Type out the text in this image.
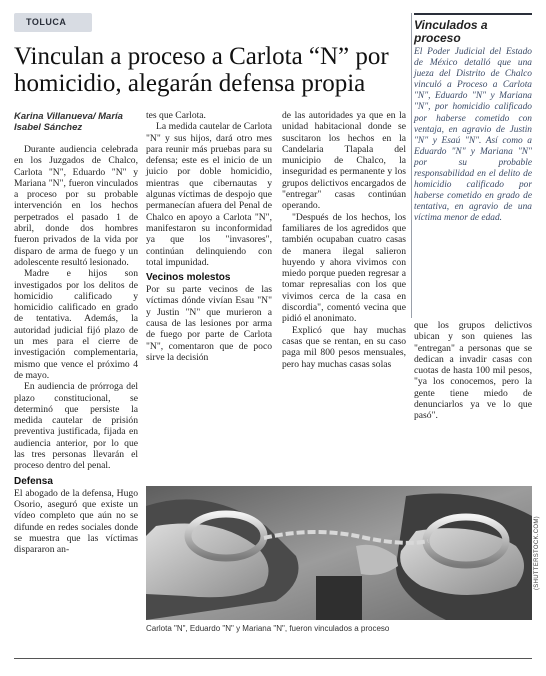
TOLUCA
Vinculan a proceso a Carlota “N” por homicidio, alegarán defensa propia
Karina Villanueva/ María Isabel Sánchez

Durante audiencia celebrada en los Juzgados de Chalco, Carlota "N", Eduardo "N" y Mariana "N", fueron vinculados a proceso por su probable intervención en los hechos perpetrados el pasado 1 de abril, donde dos hombres fueron privados de la vida por disparo de arma de fuego y un adolescente resultó lesionado.

Madre e hijos son investigados por los delitos de homicidio calificado y homicidio calificado en grado de tentativa. Además, la autoridad judicial fijó plazo de un mes para el cierre de investigación complementaria, mismo que vence el próximo 4 de mayo.

En audiencia de prórroga del plazo constitucional, se determinó que persiste la medida cautelar de prisión preventiva justificada, fijada en audiencia anterior, por lo que las tres personas llevarán el proceso dentro del penal.

Defensa

El abogado de la defensa, Hugo Osorio, aseguró que existe un vídeo completo que aún no se difunde en redes sociales donde se muestra que las víctimas dispararon an-

tes que Carlota.

La medida cautelar de Carlota "N" y sus hijos, dará otro mes para reunir más pruebas para su defensa; este es el inicio de un juicio por doble homicidio, mientras que cibernautas y algunas víctimas de despojo que permanecían afuera del Penal de Chalco en apoyo a Carlota "N", manifestaron su inconformidad ya que los "invasores", continúan delinquiendo con total impunidad.

Vecinos molestos

Por su parte vecinos de las víctimas dónde vivían Esau "N" y Justin "N" que murieron a causa de las lesiones por arma de fuego por parte de Carlota "N", comentaron que de poco sirve la decisión

de las autoridades ya que en la unidad habitacional donde se suscitaron los hechos en la Candelaria Tlapala del municipio de Chalco, la inseguridad es permanente y los grupos delictivos encargados de "entregar" casas continúan operando.

"Después de los hechos, los familiares de los agredidos que también ocupaban cuatro casas de manera ilegal salieron huyendo y ahora vivimos con miedo porque pueden regresar a tomar represalias con los que vivimos cerca de la casa en discordia", comentó vecina que pidió el anonimato.

Explicó que hay muchas casas que se rentan, en su caso paga mil 800 pesos mensuales, pero hay muchas casas solas

que los grupos delictivos ubican y son quienes las "entregan" a personas que se dedican a invadir casas con cuotas de hasta 100 mil pesos, "ya los conocemos, pero la gente tiene miedo de denunciarlos ya ve lo que pasó".

Vinculados a proceso

El Poder Judicial del Estado de México detalló que una jueza del Distrito de Chalco vinculó a Proceso a Carlota "N", Eduardo "N" y Mariana "N", por homicidio calificado por haberse cometido con ventaja, en agravio de Justin "N" y Esaú "N". Así como a Eduardo "N" y Mariana "N" por su probable responsabilidad en el delito de homicidio calificado por haberse cometido en grado de tentativa, en agravio de una víctima menor de edad.

(SHUTTERSTOCK.COM)
Carlota "N", Eduardo "N" y Mariana "N", fueron vinculados a proceso
